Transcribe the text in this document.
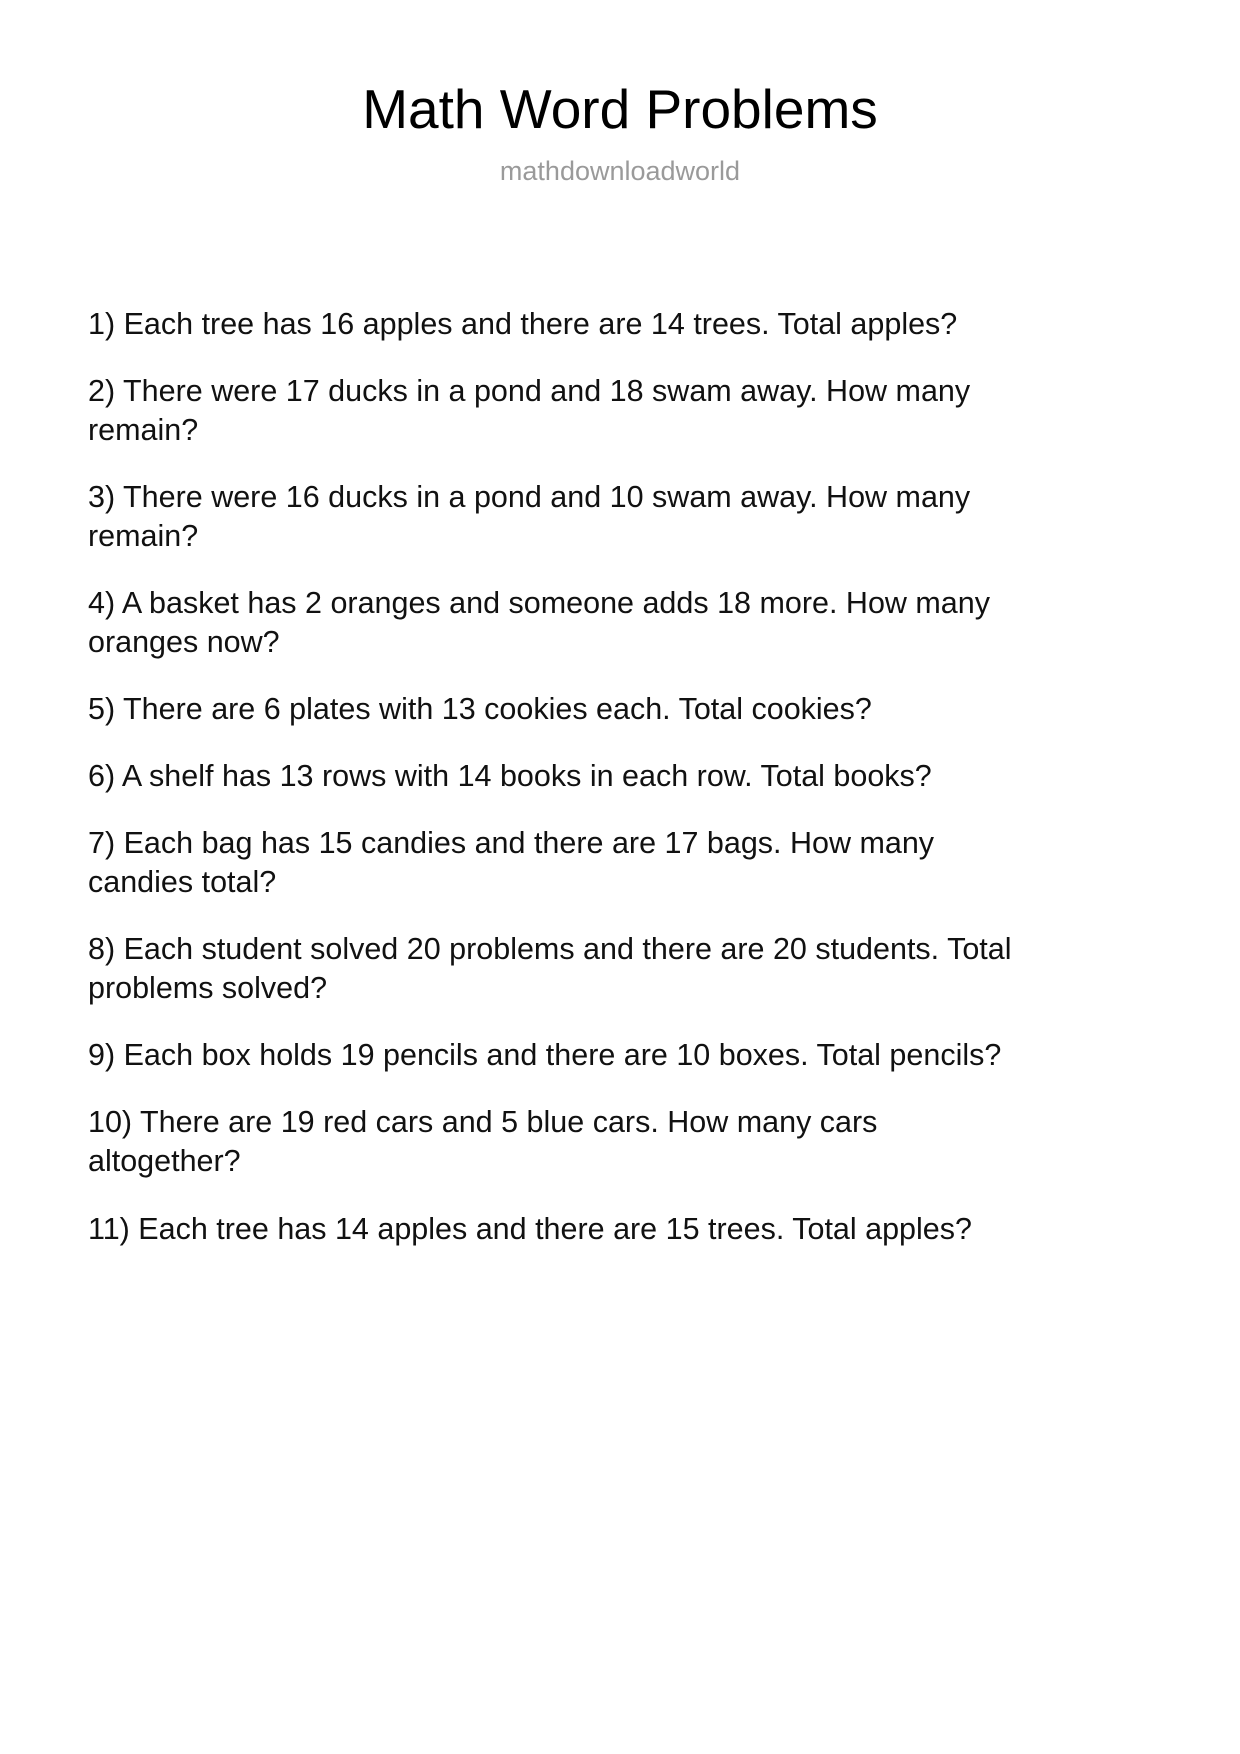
Math Word Problems
mathdownloadworld
1) Each tree has 16 apples and there are 14 trees. Total apples?
2) There were 17 ducks in a pond and 18 swam away. How many remain?
3) There were 16 ducks in a pond and 10 swam away. How many remain?
4) A basket has 2 oranges and someone adds 18 more. How many oranges now?
5) There are 6 plates with 13 cookies each. Total cookies?
6) A shelf has 13 rows with 14 books in each row. Total books?
7) Each bag has 15 candies and there are 17 bags. How many candies total?
8) Each student solved 20 problems and there are 20 students. Total problems solved?
9) Each box holds 19 pencils and there are 10 boxes. Total pencils?
10) There are 19 red cars and 5 blue cars. How many cars altogether?
11) Each tree has 14 apples and there are 15 trees. Total apples?
